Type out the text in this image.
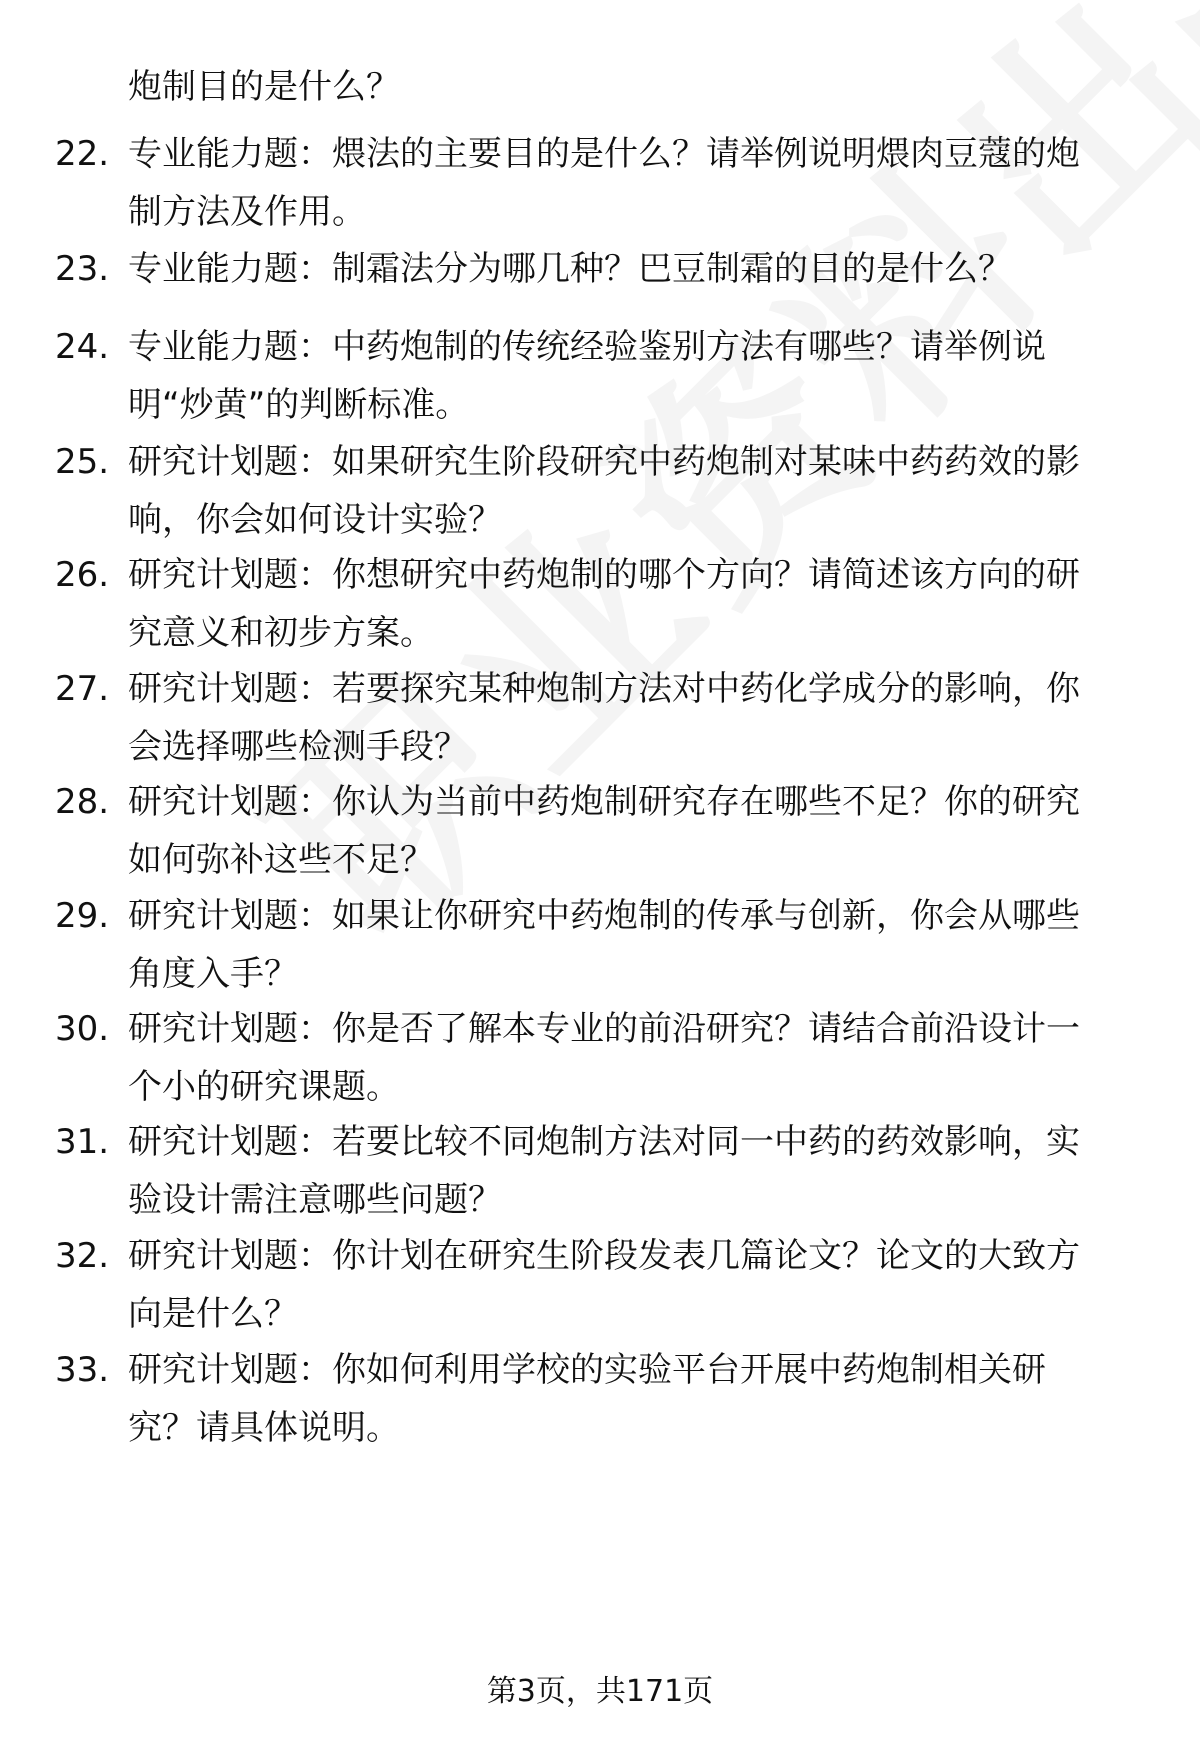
炮制目的是什么？
22. 专业能力题：煨法的主要目的是什么？请举例说明煨肉豆蔻的炮
制方法及作用。
23. 专业能力题：制霜法分为哪几种？巴豆制霜的目的是什么？
24. 专业能力题：中药炮制的传统经验鉴别方法有哪些？请举例说
明“炒黄”的判断标准。
25. 研究计划题：如果研究生阶段研究中药炮制对某味中药药效的影
响，你会如何设计实验？
26. 研究计划题：你想研究中药炮制的哪个方向？请简述该方向的研
究意义和初步方案。
27. 研究计划题：若要探究某种炮制方法对中药化学成分的影响，你
会选择哪些检测手段？
28. 研究计划题：你认为当前中药炮制研究存在哪些不足？你的研究
如何弥补这些不足？
29. 研究计划题：如果让你研究中药炮制的传承与创新，你会从哪些
角度入手？
30. 研究计划题：你是否了解本专业的前沿研究？请结合前沿设计一
个小的研究课题。
31. 研究计划题：若要比较不同炮制方法对同一中药的药效影响，实
验设计需注意哪些问题？
32. 研究计划题：你计划在研究生阶段发表几篇论文？论文的大致方
向是什么？
33. 研究计划题：你如何利用学校的实验平台开展中药炮制相关研
究？请具体说明。
第3页，共171页
